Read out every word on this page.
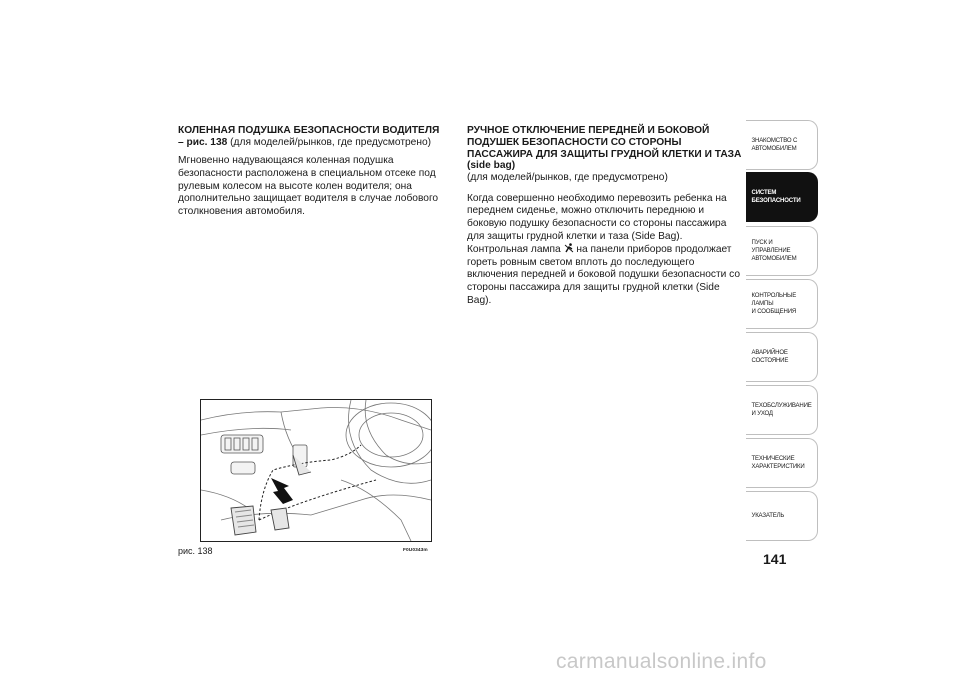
КОЛЕННАЯ ПОДУШКА БЕЗОПАСНОСТИ ВОДИТЕЛЯ
– рис. 138 (для моделей/рынков, где предусмотрено)

Мгновенно надувающаяся коленная подушка безопасности расположена в специальном отсеке под рулевым колесом на высоте колен водителя; она дополнительно защищает водителя в случае лобового столкновения автомобиля.

РУЧНОЕ ОТКЛЮЧЕНИЕ ПЕРЕДНЕЙ И БОКОВОЙ ПОДУШЕК БЕЗОПАСНОСТИ СО СТОРОНЫ ПАССАЖИРА ДЛЯ ЗАЩИТЫ ГРУДНОЙ КЛЕТКИ И ТАЗА (side bag)

(для моделей/рынков, где предусмотрено)

Когда совершенно необходимо перевозить ребенка на переднем сиденье, можно отключить переднюю и боковую подушку безопасности со стороны пассажира для защиты грудной клетки и таза (Side Bag). Контрольная лампа на панели приборов продолжает гореть ровным светом вплоть до последующего включения передней и боковой подушки безопасности со стороны пассажира для защиты грудной клетки (Side Bag).

рис. 138	F0U0343m
ЗНАКОМСТВО С
АВТОМОБИЛЕМ
СИСТЕМ
БЕЗОПАСНОСТИ
ПУСК И УПРАВЛЕНИЕ
АВТОМОБИЛЕМ
КОНТРОЛЬНЫЕ
ЛАМПЫ
И СООБЩЕНИЯ
АВАРИЙНОЕ
СОСТОЯНИЕ
ТЕХОБСЛУЖИВАНИЕ
И УХОД
ТЕХНИЧЕСКИЕ
ХАРАКТЕРИСТИКИ
УКАЗАТЕЛЬ
141
carmanualsonline.info
